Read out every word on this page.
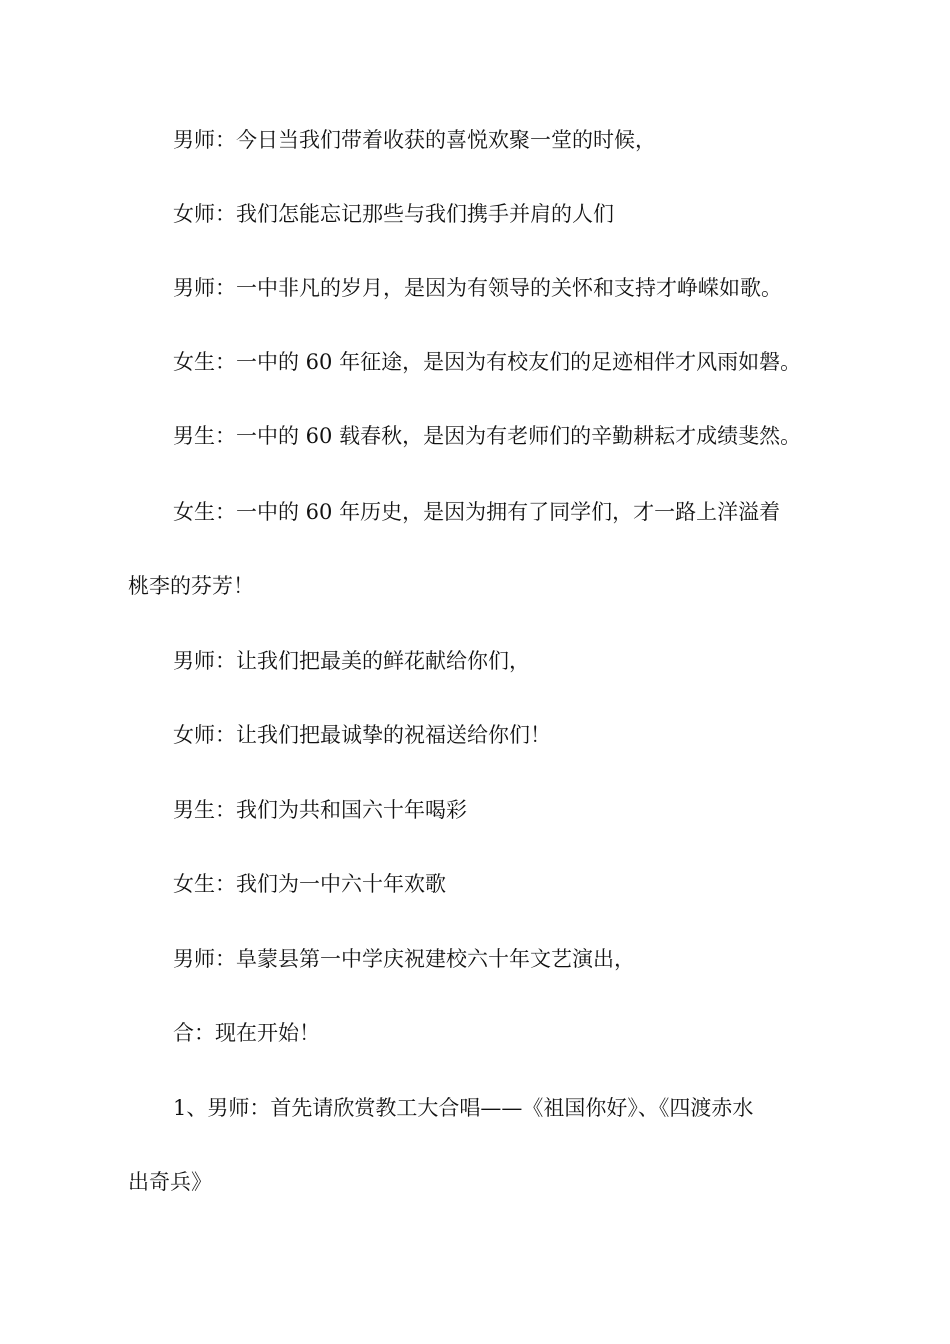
男师：今日当我们带着收获的喜悦欢聚一堂的时候，
女师：我们怎能忘记那些与我们携手并肩的人们
男师：一中非凡的岁月，是因为有领导的关怀和支持才峥嵘如歌。
女生：一中的 60 年征途，是因为有校友们的足迹相伴才风雨如磐。
男生：一中的 60 载春秋，是因为有老师们的辛勤耕耘才成绩斐然。
女生：一中的 60 年历史，是因为拥有了同学们，才一路上洋溢着
桃李的芬芳！
男师：让我们把最美的鲜花献给你们，
女师：让我们把最诚挚的祝福送给你们！
男生：我们为共和国六十年喝彩
女生：我们为一中六十年欢歌
男师：阜蒙县第一中学庆祝建校六十年文艺演出，
合：现在开始！
1、男师：首先请欣赏教工大合唱——《祖国你好》、《四渡赤水
出奇兵》
